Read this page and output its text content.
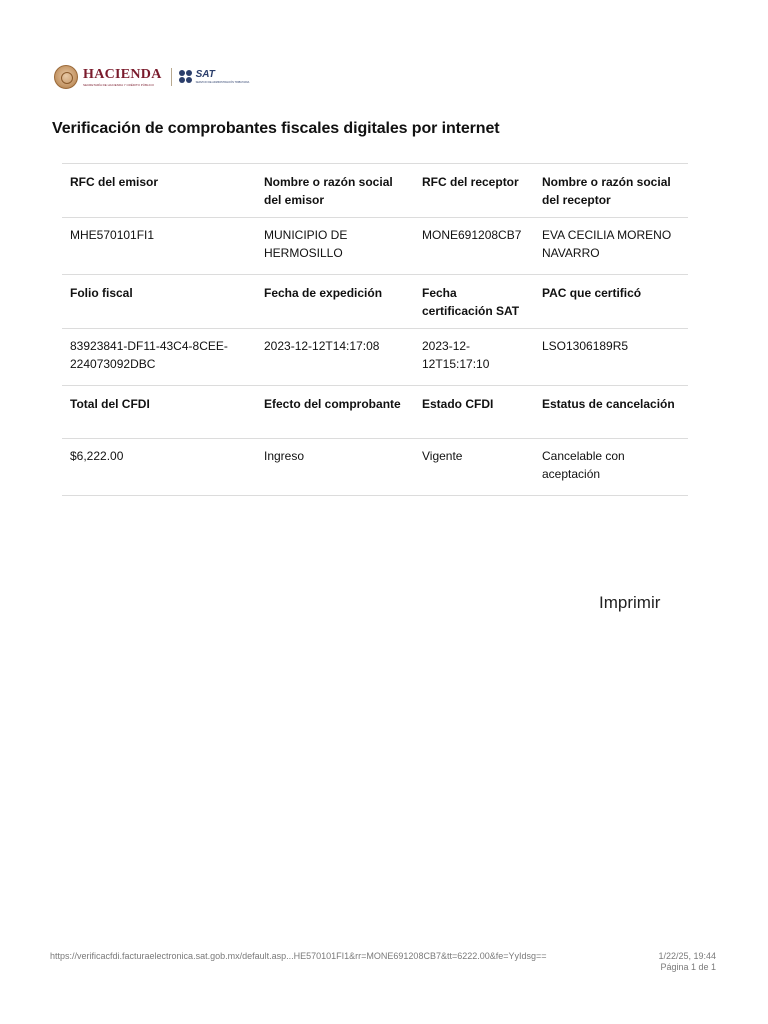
HACIENDA
SECRETARÍA DE HACIENDA Y CRÉDITO PÚBLICO
SAT
SERVICIO DE ADMINISTRACIÓN TRIBUTARIA
Verificación de comprobantes fiscales digitales por internet
RFC del emisor	Nombre o razón social del emisor	RFC del receptor	Nombre o razón social del receptor
MHE570101FI1	MUNICIPIO DE HERMOSILLO	MONE691208CB7	EVA CECILIA MORENO NAVARRO
Folio fiscal	Fecha de expedición	Fecha certificación SAT	PAC que certificó
83923841-DF11-43C4-8CEE-224073092DBC	2023-12-12T14:17:08	2023-12-12T15:17:10	LSO1306189R5
Total del CFDI	Efecto del comprobante	Estado CFDI	Estatus de cancelación
$6,222.00	Ingreso	Vigente	Cancelable con aceptación
Imprimir
https://verificacfdi.facturaelectronica.sat.gob.mx/default.asp...HE570101FI1&rr=MONE691208CB7&tt=6222.00&fe=YyIdsg==	1/22/25, 19:44
Página 1 de 1
